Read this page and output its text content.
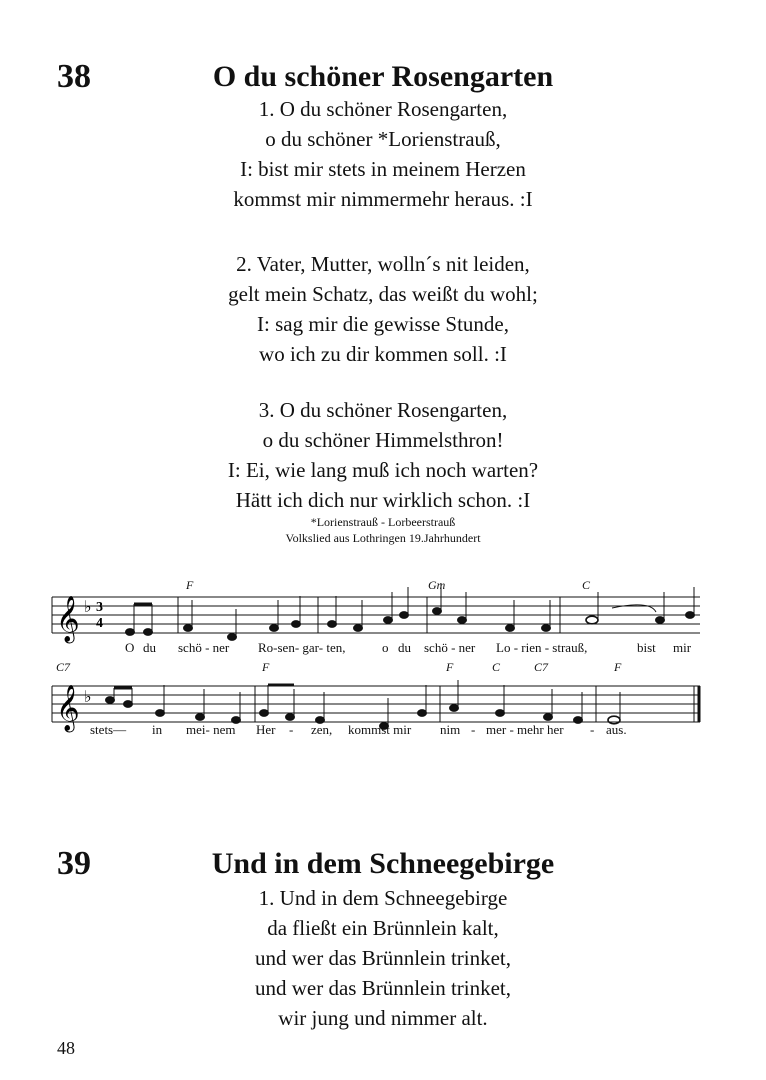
38	O du schöner Rosengarten
1. O du schöner Rosengarten,
o du schöner *Lorienstrauß,
I: bist mir stets in meinem Herzen
kommst mir nimmermehr heraus. :I
2. Vater, Mutter, wolln´s nit leiden,
gelt mein Schatz, das weißt du wohl;
I: sag mir die gewisse Stunde,
wo ich zu dir kommen soll. :I
3. O du schöner Rosengarten,
o du schöner Himmelsthron!
I: Ei, wie lang muß ich noch warten?
Hätt ich dich nur wirklich schon. :I
*Lorienstrauß - Lorbeerstrauß
Volkslied aus Lothringen 19.Jahrhundert
𝄞 ♭ 3
4
𝄞 ♭
F	Gm	C
O du schö - ner Ro-sen- gar- ten,	o du schö - ner Lo - rien - strauß,	bist mir
C7	F	F	C	C7	F
stets— in mei- nem Her - zen, kommst mir nim - mer - mehr her - aus.
39	Und in dem Schneegebirge
1. Und in dem Schneegebirge
da fließt ein Brünnlein kalt,
und wer das Brünnlein trinket,
und wer das Brünnlein trinket,
wir jung und nimmer alt.
48
